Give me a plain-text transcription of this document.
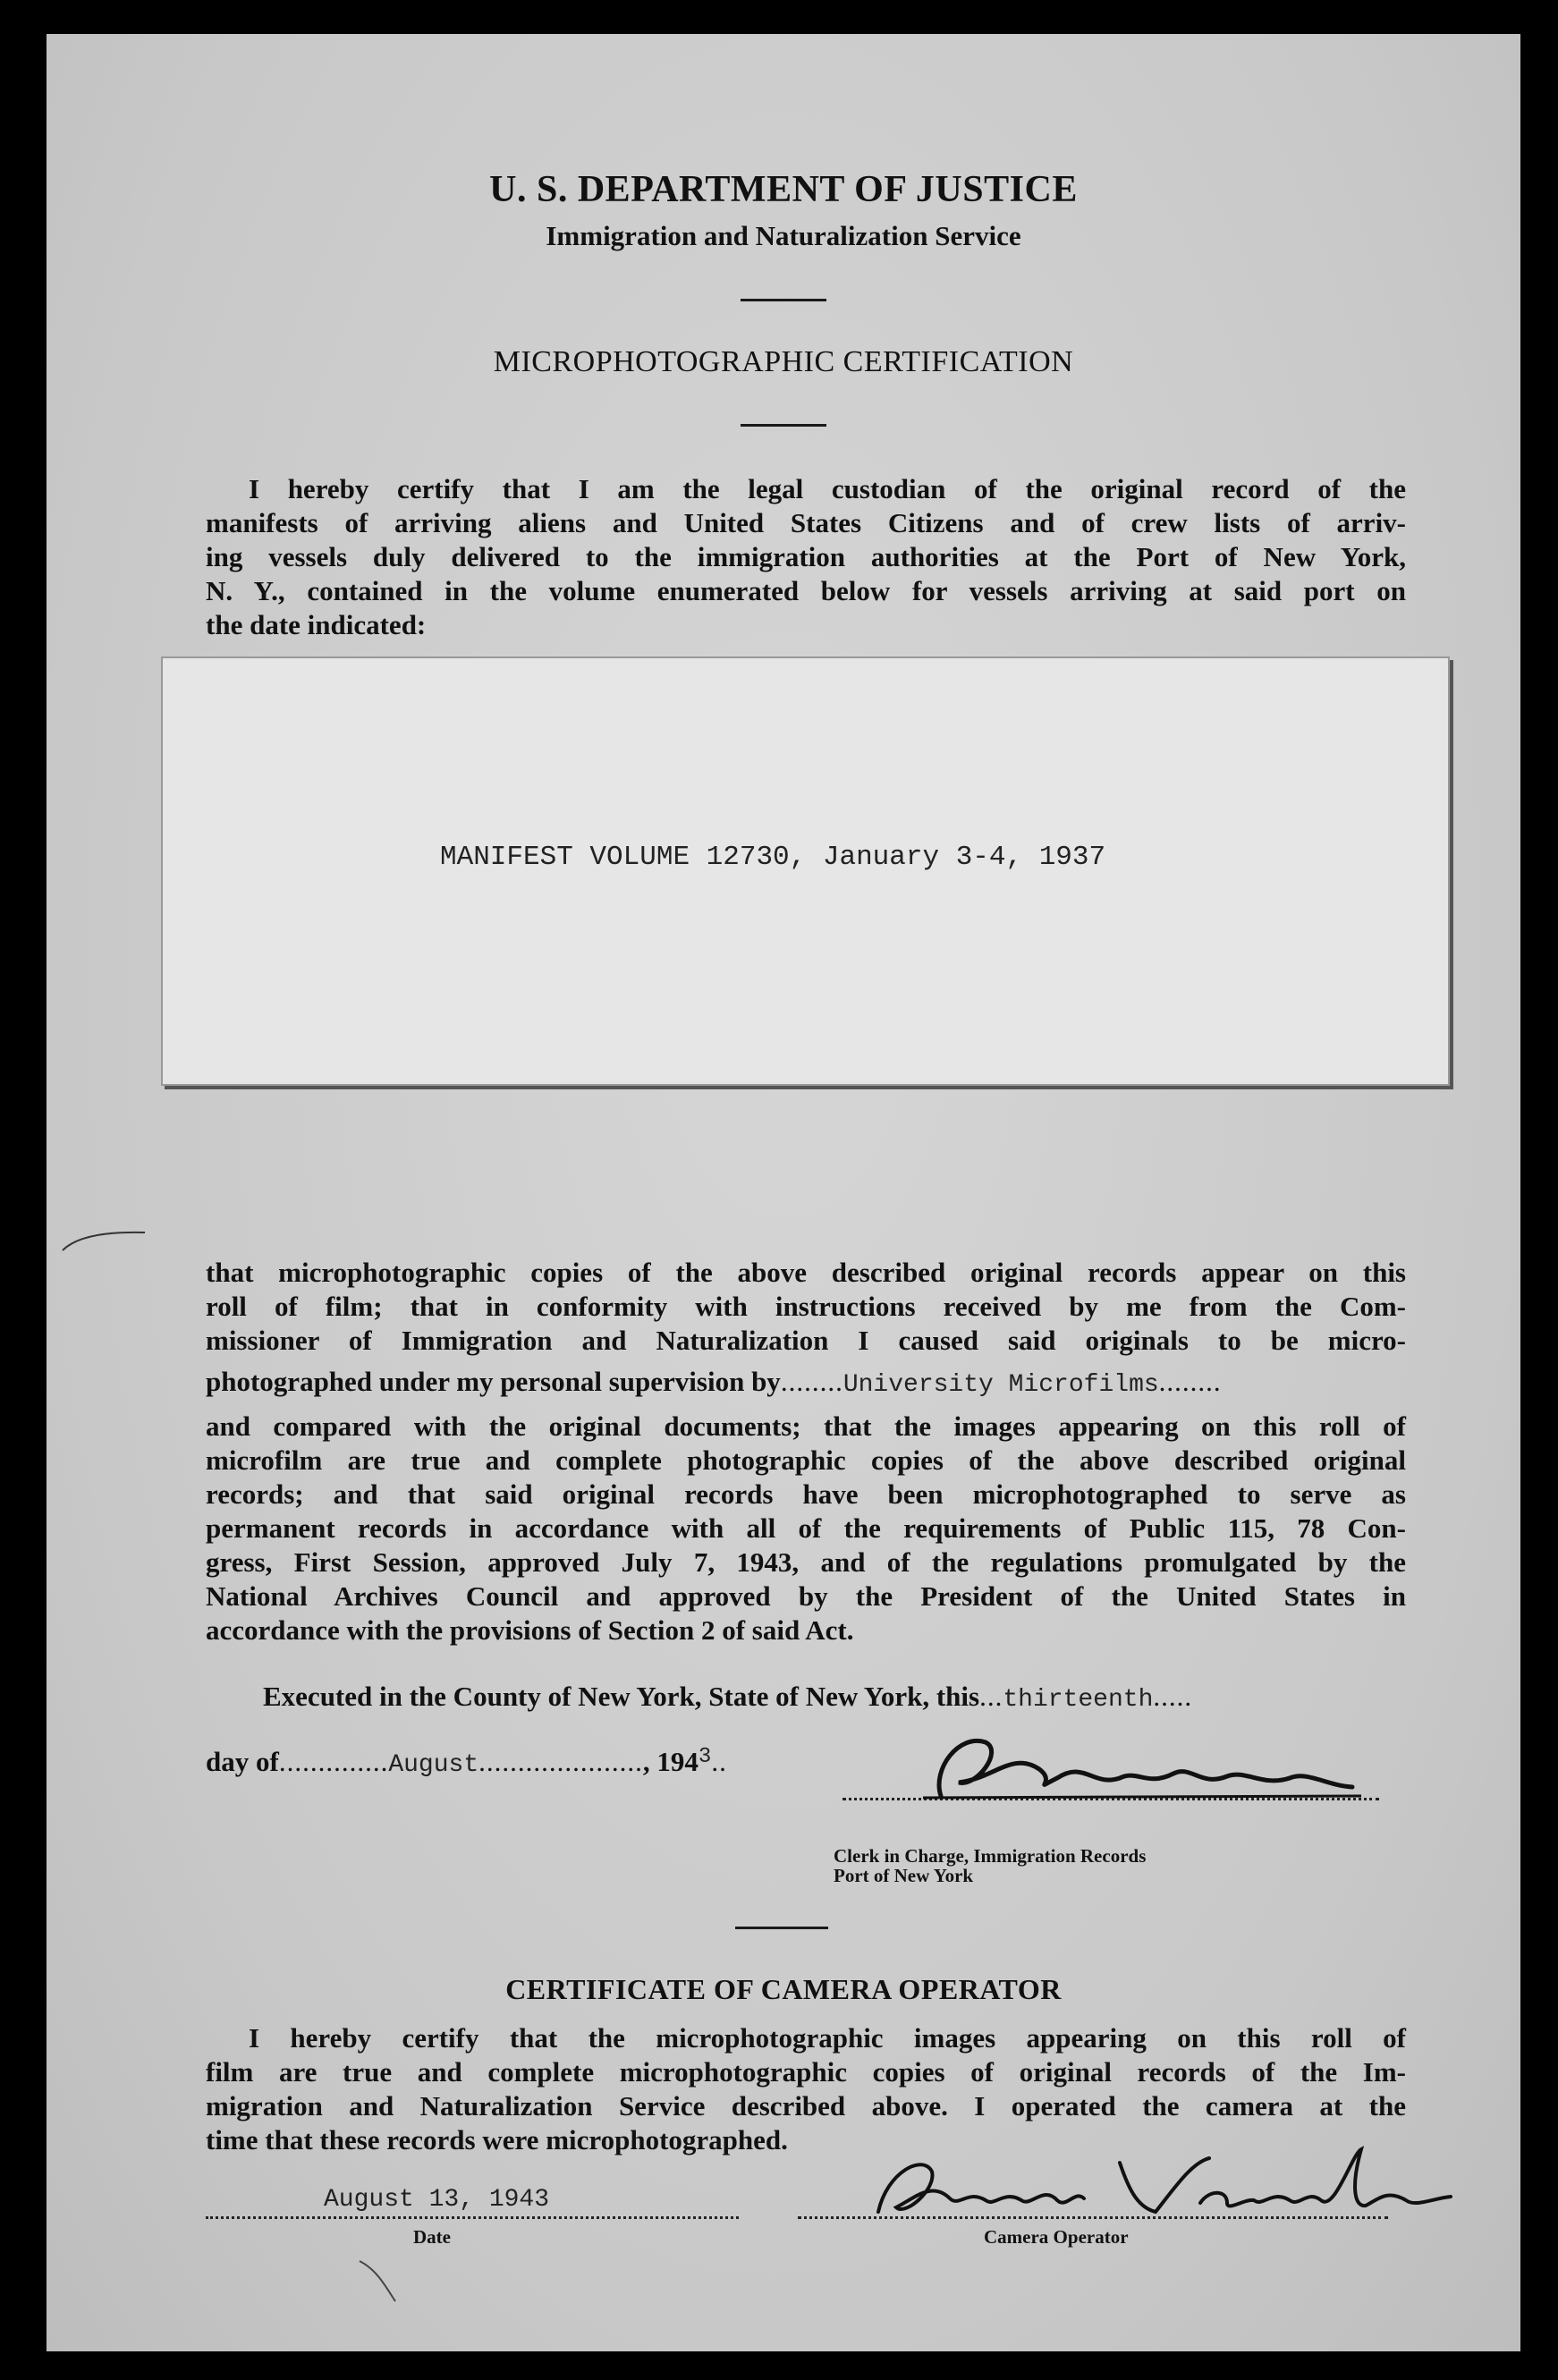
U. S. DEPARTMENT OF JUSTICE
Immigration and Naturalization Service
MICROPHOTOGRAPHIC CERTIFICATION
I hereby certify that I am the legal custodian of the original record of the
manifests of arriving aliens and United States Citizens and of crew lists of arriv-
ing vessels duly delivered to the immigration authorities at the Port of New York,
N. Y., contained in the volume enumerated below for vessels arriving at said port on
the date indicated:
MANIFEST VOLUME 12730, January 3-4, 1937
that microphotographic copies of the above described original records appear on this
roll of film; that in conformity with instructions received by me from the Com-
missioner of Immigration and Naturalization I caused said originals to be micro-
photographed under my personal supervision by........University Microfilms........
and compared with the original documents; that the images appearing on this roll of
microfilm are true and complete photographic copies of the above described original
records; and that said original records have been microphotographed to serve as
permanent records in accordance with all of the requirements of Public 115, 78 Con-
gress, First Session, approved July 7, 1943, and of the regulations promulgated by the
National Archives Council and approved by the President of the United States in
accordance with the provisions of Section 2 of said Act.
Executed in the County of New York, State of New York, this...thirteenth.....
day of..............August....................., $194^3$..
Clerk in Charge, Immigration Records
Port of New York
CERTIFICATE OF CAMERA OPERATOR
I hereby certify that the microphotographic images appearing on this roll of
film are true and complete microphotographic copies of original records of the Im-
migration and Naturalization Service described above. I operated the camera at the
time that these records were microphotographed.
August 13, 1943
Date	Camera Operator
